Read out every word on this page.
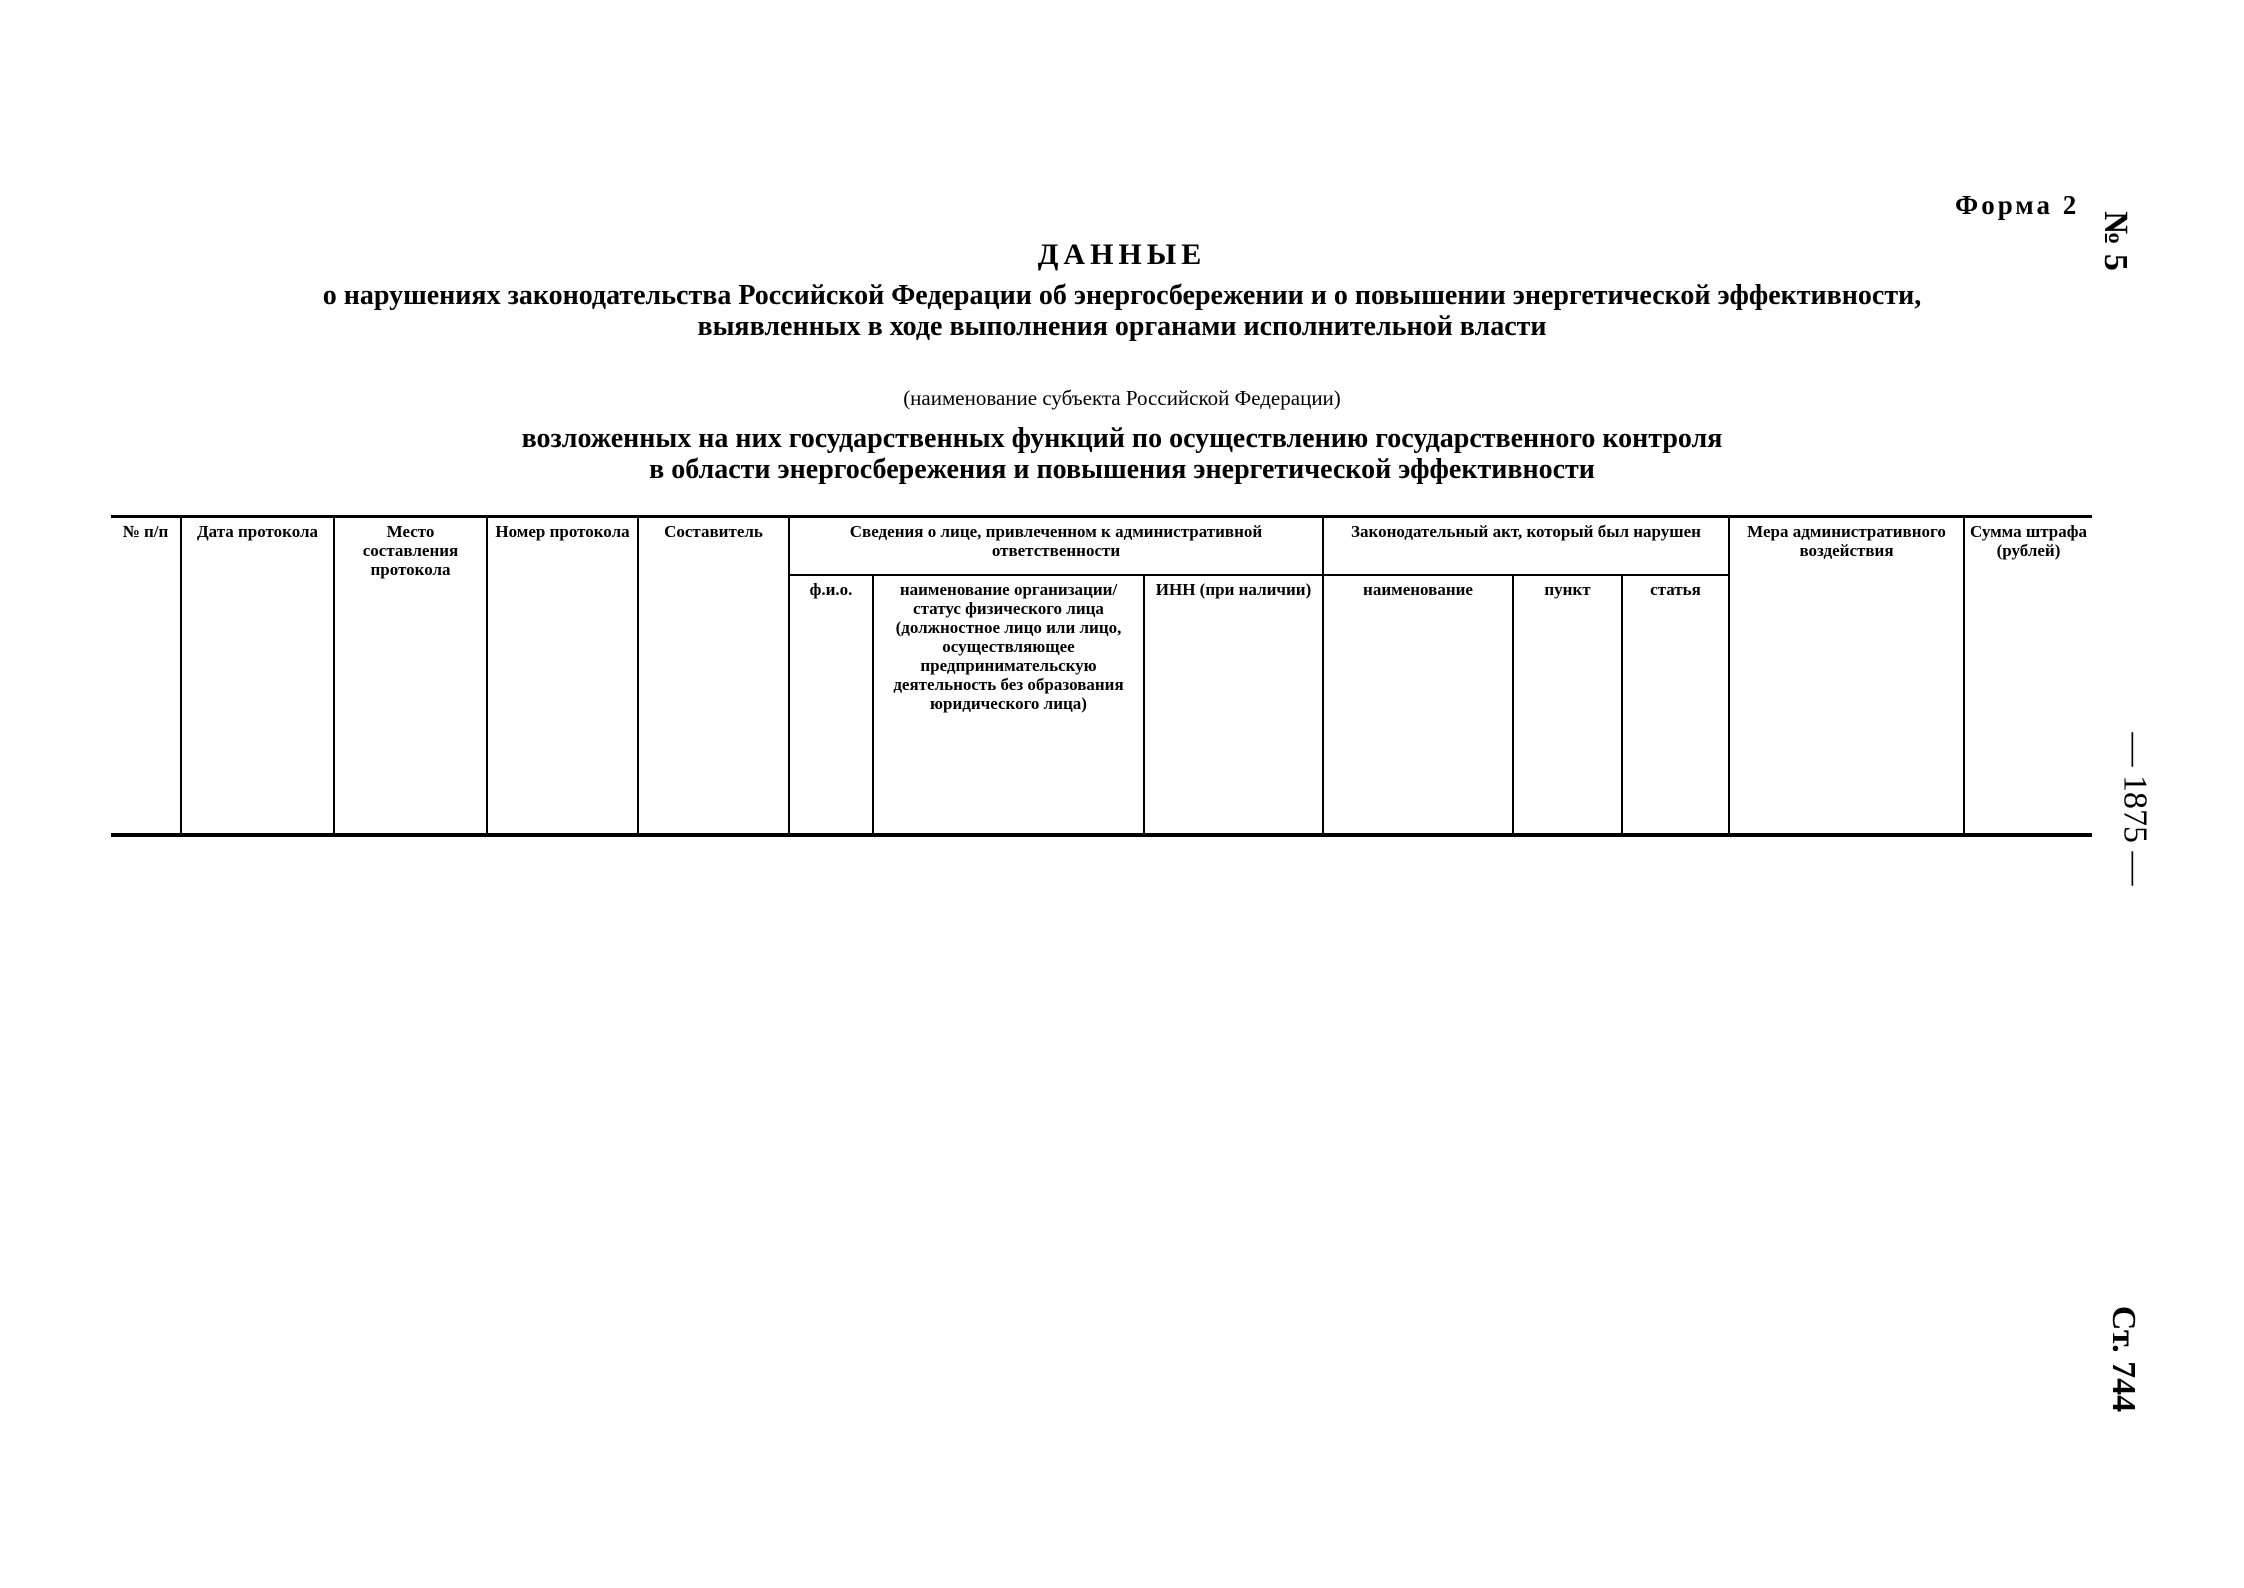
Форма 2
ДАННЫЕ
о нарушениях законодательства Российской Федерации об энергосбережении и о повышении энергетической эффективности,
выявленных в ходе выполнения органами исполнительной власти
(наименование субъекта Российской Федерации)
возложенных на них государственных функций по осуществлению государственного контроля
в области энергосбережения и повышения энергетической эффективности
№ 5
— 1875 —
Ст. 744
№ п/п	Дата протокола	Место составления протокола	Номер протокола	Составитель	Сведения о лице, привлеченном к административной ответственности			Законодательный акт, который был нарушен			Мера административного воздействия	Сумма штрафа (рублей)
					ф.и.о.	наименование организации/статус физического лица (должностное лицо или лицо, осуществляющее предпринимательскую деятельность без образования юридического лица)	ИНН (при наличии)	наименование	пункт	статья		
